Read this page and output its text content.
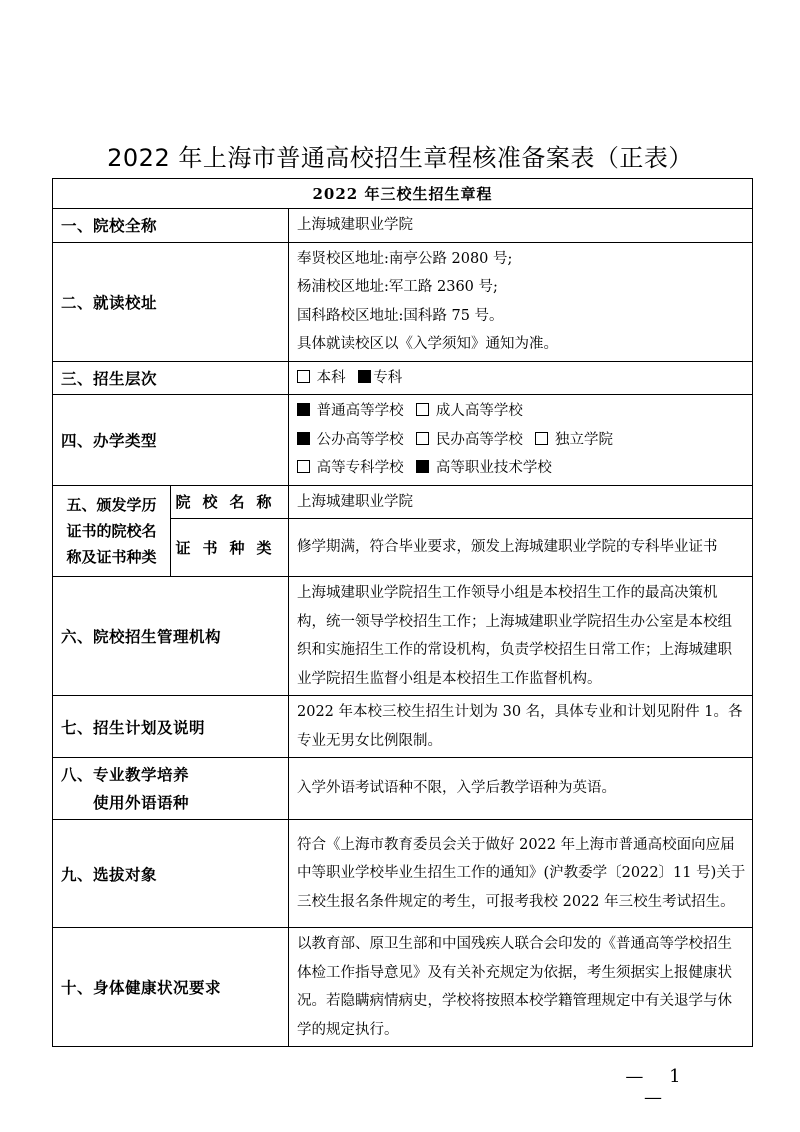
2022 年上海市普通高校招生章程核准备案表（正表）
2022 年三校生招生章程		
一、院校全称		上海城建职业学院
二、就读校址		奉贤校区地址:南亭公路 2080 号;

杨浦校区地址:军工路 2360 号;

国科路校区地址:国科路 75 号。

具体就读校区以《入学须知》通知为准。

三、招生层次		本科 专科
四、办学类型		普通高等学校 成人高等学校

公办高等学校 民办高等学校 独立学院

高等专科学校 高等职业技术学校

五、颁发学历
证书的院校名
称及证书种类	院校名称	上海城建职业学院
	证书种类	修学期满，符合毕业要求，颁发上海城建职业学院的专科毕业证书
六、院校招生管理机构		上海城建职业学院招生工作领导小组是本校招生工作的最高决策机构，统一领导学校招生工作；上海城建职业学院招生办公室是本校组织和实施招生工作的常设机构，负责学校招生日常工作；上海城建职业学院招生监督小组是本校招生工作监督机构。
七、招生计划及说明		2022 年本校三校生招生计划为 30 名，具体专业和计划见附件 1。各专业无男女比例限制。

八、专业教学培养
使用外语语种		入学外语考试语种不限，入学后教学语种为英语。
九、选拔对象		符合《上海市教育委员会关于做好 2022 年上海市普通高校面向应届中等职业学校毕业生招生工作的通知》(沪教委学〔2022〕11 号)关于三校生报名条件规定的考生，可报考我校 2022 年三校生考试招生。
十、身体健康状况要求		以教育部、原卫生部和中国残疾人联合会印发的《普通高等学校招生体检工作指导意见》及有关补充规定为依据，考生须据实上报健康状况。若隐瞒病情病史，学校将按照本校学籍管理规定中有关退学与休学的规定执行。
— 1 —
